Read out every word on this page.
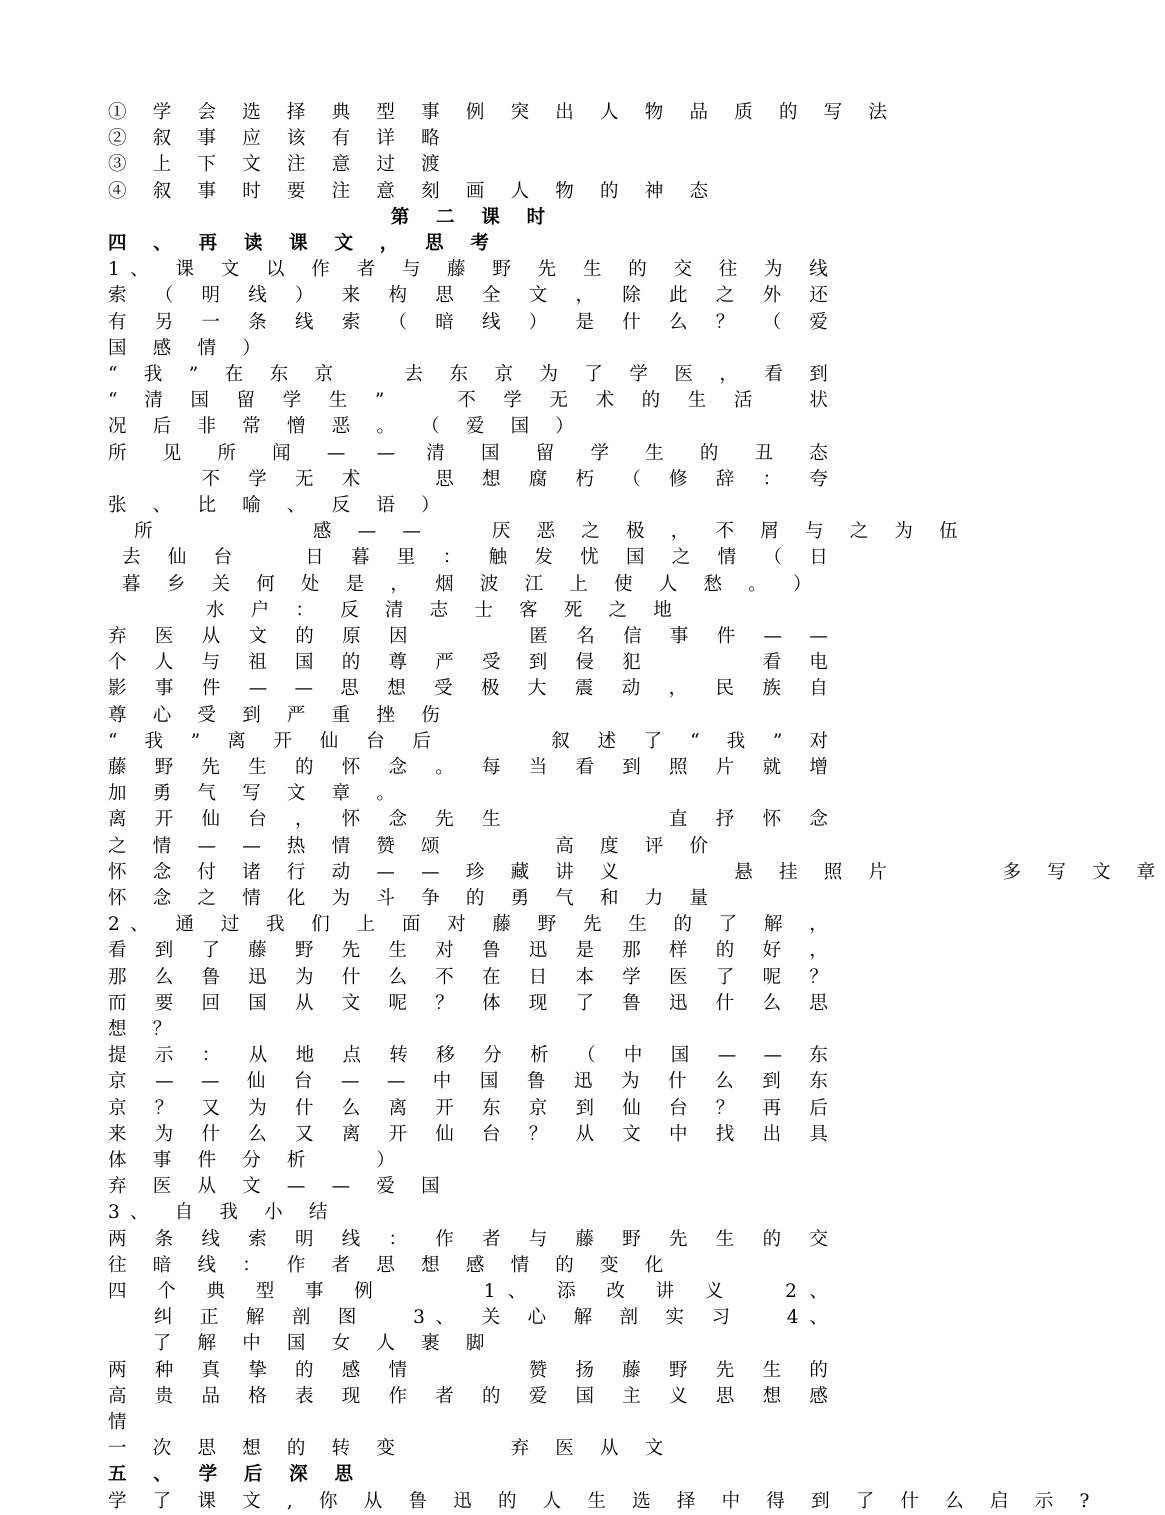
① 学 会 选 择 典 型 事 例 突 出 人 物 品 质 的 写 法
② 叙 事 应 该 有 详 略
③ 上 下 文 注 意 过 渡
④ 叙 事 时 要 注 意 刻 画 人 物 的 神 态
第 二 课 时
四 、 再 读 课 文 ， 思 考
1、 课 文 以 作 者 与 藤 野 先 生 的 交 往 为 线 索 （ 明 线 ） 来 构 思 全 文 ， 除 此 之 外 还 有 另 一 条 线 索 （ 暗 线 ） 是 什 么 ？ （ 爱 国 感 情 ）
“ 我 ” 在 东 京 　 去 东 京 为 了 学 医 ， 看 到 “ 清 国 留 学 生 ” 　 不 学 无 术 的 生 活 　状 况 后 非 常 憎 恶 。 （ 爱 国 ）
所 见 所 闻 — — 清 国 留 学 生 的 丑 态 　 　 不 学 无 术 　 思 想 腐 朽 （ 修 辞 ： 夸 张 、 比 喻 、 反 语 ）
所 　 　 　 感 — — 　 厌 恶 之 极 ， 不 屑 与 之 为 伍
去 仙 台 　 日 暮 里 ： 触 发 忧 国 之 情 （ 日 暮 乡 关 何 处 是 ， 烟 波 江 上 使 人 愁 。 ）
水 户 ： 反 清 志 士 客 死 之 地
弃 医 从 文 的 原 因 　 　 匿 名 信 事 件 — — 个 人 与 祖 国 的 尊 严 受 到 侵 犯 　 　 看 电 影 事 件 — — 思 想 受 极 大 震 动 ， 民 族 自 尊 心 受 到 严 重 挫 伤
“ 我 ” 离 开 仙 台 后 　 　 叙 述 了 “ 我 ” 对 藤 野 先 生 的 怀 念 。 每 当 看 到 照 片 就 增 加 勇 气 写 文 章 。
离 开 仙 台 ， 怀 念 先 生 　 　 　 直 抒 怀 念 之 情 — — 热 情 赞 颂 　 　 高 度 评 价
怀 念 付 诸 行 动 — — 珍 藏 讲 义 　 　 悬 挂 照 片 　 　 多 写 文 章
怀 念 之 情 化 为 斗 争 的 勇 气 和 力 量
2、 通 过 我 们 上 面 对 藤 野 先 生 的 了 解 ， 看 到 了 藤 野 先 生 对 鲁 迅 是 那 样 的 好 ， 那 么 鲁 迅 为 什 么 不 在 日 本 学 医 了 呢 ？ 而 要 回 国 从 文 呢 ？ 体 现 了 鲁 迅 什 么 思 想 ？
提 示 ： 从 地 点 转 移 分 析 （ 中 国 — — 东 京 — — 仙 台 — — 中 国 鲁 迅 为 什 么 到 东 京 ？ 又 为 什 么 离 开 东 京 到 仙 台 ？ 再 后 来 为 什 么 又 离 开 仙 台 ？ 从 文 中 找 出 具 体 事 件 分 析 　 ）
弃 医 从 文 — — 爱 国
3、 自 我 小 结
两 条 线 索 明 线 ： 作 者 与 藤 野 先 生 的 交 往 暗 线 ： 作 者 思 想 感 情 的 变 化
四 个 典 型 事 例 　 　1、 添 改 讲 义 　2、 　 纠 正 解 剖 图 　3、 关 心 解 剖 实 习 　4、 　 了 解 中 国 女 人 裹 脚
两 种 真 挚 的 感 情 　 　 赞 扬 藤 野 先 生 的 高 贵 品 格 表 现 作 者 的 爱 国 主 义 思 想 感 情
一 次 思 想 的 转 变 　 　 弃 医 从 文
五 、 学 后 深 思
学 了 课 文 , 你 从 鲁 迅 的 人 生 选 择 中 得 到 了 什 么 启 示 ?
